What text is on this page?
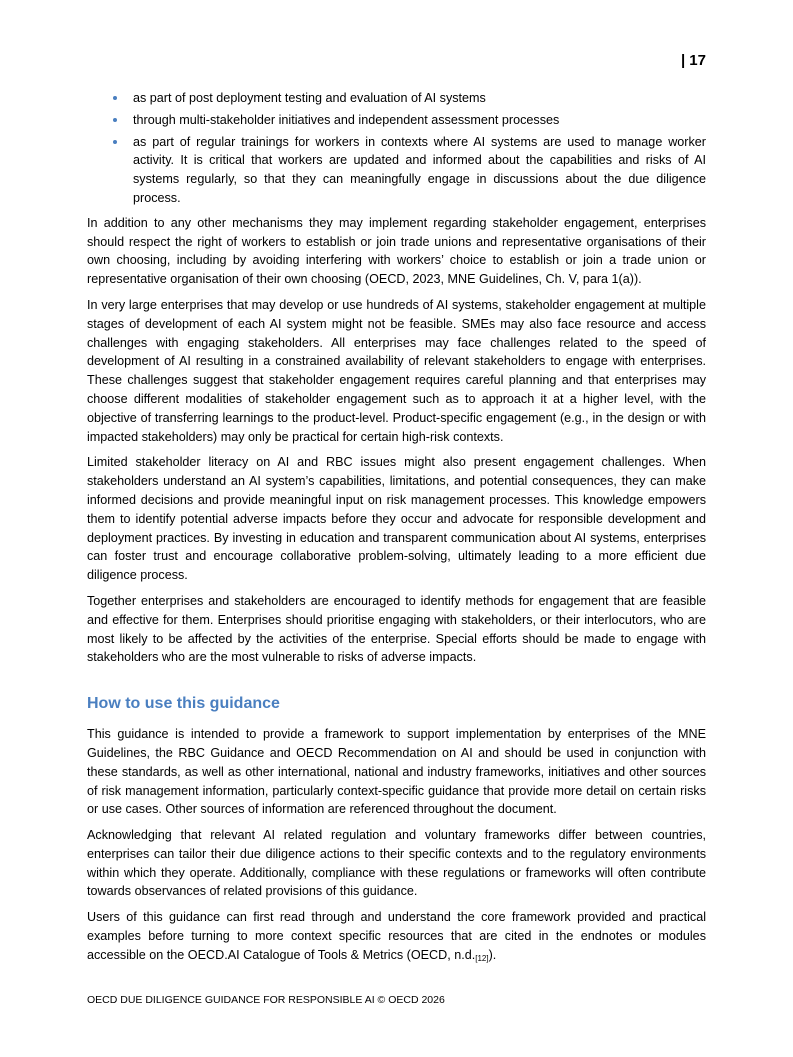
| 17
as part of post deployment testing and evaluation of AI systems
through multi-stakeholder initiatives and independent assessment processes
as part of regular trainings for workers in contexts where AI systems are used to manage worker activity. It is critical that workers are updated and informed about the capabilities and risks of AI systems regularly, so that they can meaningfully engage in discussions about the due diligence process.

In addition to any other mechanisms they may implement regarding stakeholder engagement, enterprises should respect the right of workers to establish or join trade unions and representative organisations of their own choosing, including by avoiding interfering with workers’ choice to establish or join a trade union or representative organisation of their own choosing (OECD, 2023, MNE Guidelines, Ch. V, para 1(a)).

In very large enterprises that may develop or use hundreds of AI systems, stakeholder engagement at multiple stages of development of each AI system might not be feasible. SMEs may also face resource and access challenges with engaging stakeholders. All enterprises may face challenges related to the speed of development of AI resulting in a constrained availability of relevant stakeholders to engage with enterprises. These challenges suggest that stakeholder engagement requires careful planning and that enterprises may choose different modalities of stakeholder engagement such as to approach it at a higher level, with the objective of transferring learnings to the product-level. Product-specific engagement (e.g., in the design or with impacted stakeholders) may only be practical for certain high-risk contexts.

Limited stakeholder literacy on AI and RBC issues might also present engagement challenges. When stakeholders understand an AI system’s capabilities, limitations, and potential consequences, they can make informed decisions and provide meaningful input on risk management processes. This knowledge empowers them to identify potential adverse impacts before they occur and advocate for responsible development and deployment practices. By investing in education and transparent communication about AI systems, enterprises can foster trust and encourage collaborative problem-solving, ultimately leading to a more efficient due diligence process.

Together enterprises and stakeholders are encouraged to identify methods for engagement that are feasible and effective for them. Enterprises should prioritise engaging with stakeholders, or their interlocutors, who are most likely to be affected by the activities of the enterprise. Special efforts should be made to engage with stakeholders who are the most vulnerable to risks of adverse impacts.

How to use this guidance

This guidance is intended to provide a framework to support implementation by enterprises of the MNE Guidelines, the RBC Guidance and OECD Recommendation on AI and should be used in conjunction with these standards, as well as other international, national and industry frameworks, initiatives and other sources of risk management information, particularly context-specific guidance that provide more detail on certain risks or use cases. Other sources of information are referenced throughout the document.

Acknowledging that relevant AI related regulation and voluntary frameworks differ between countries, enterprises can tailor their due diligence actions to their specific contexts and to the regulatory environments within which they operate. Additionally, compliance with these regulations or frameworks will often contribute towards observances of related provisions of this guidance.

Users of this guidance can first read through and understand the core framework provided and practical examples before turning to more context specific resources that are cited in the endnotes or modules accessible on the OECD.AI Catalogue of Tools & Metrics (OECD, $n.d._{[12]}$).

OECD DUE DILIGENCE GUIDANCE FOR RESPONSIBLE AI © OECD 2026
